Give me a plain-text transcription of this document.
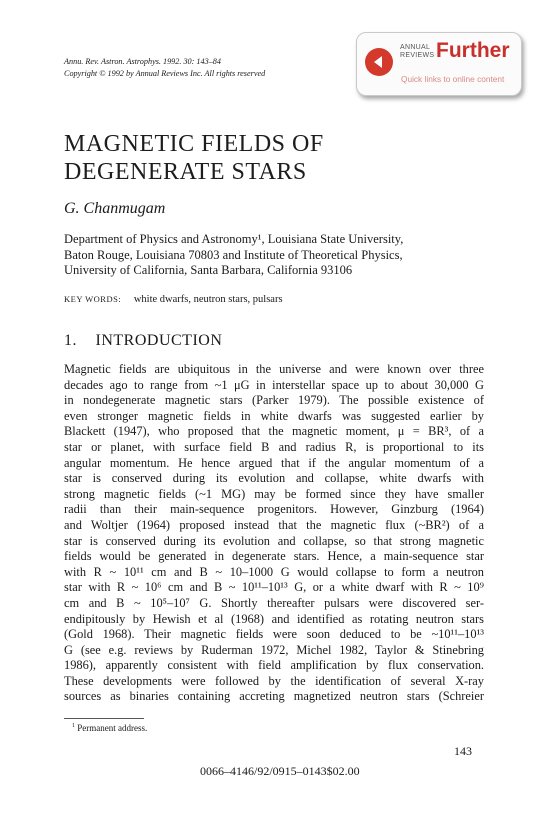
Annu. Rev. Astron. Astrophys. 1992. 30: 143–84
Copyright © 1992 by Annual Reviews Inc. All rights reserved
ANNUAL
REVIEWS Further
Quick links to online content
MAGNETIC FIELDS OF
DEGENERATE STARS
G. Chanmugam
Department of Physics and Astronomy¹, Louisiana State University,
Baton Rouge, Louisiana 70803 and Institute of Theoretical Physics,
University of California, Santa Barbara, California 93106
KEY WORDS: white dwarfs, neutron stars, pulsars
1. INTRODUCTION
Magnetic fields are ubiquitous in the universe and were known over three
decades ago to range from ~1 μG in interstellar space up to about 30,000 G
in nondegenerate magnetic stars (Parker 1979). The possible existence of
even stronger magnetic fields in white dwarfs was suggested earlier by
Blackett (1947), who proposed that the magnetic moment, μ = BR³, of a
star or planet, with surface field B and radius R, is proportional to its
angular momentum. He hence argued that if the angular momentum of a
star is conserved during its evolution and collapse, white dwarfs with
strong magnetic fields (~1 MG) may be formed since they have smaller
radii than their main-sequence progenitors. However, Ginzburg (1964)
and Woltjer (1964) proposed instead that the magnetic flux (~BR²) of a
star is conserved during its evolution and collapse, so that strong magnetic
fields would be generated in degenerate stars. Hence, a main-sequence star
with R ~ 10¹¹ cm and B ~ 10–1000 G would collapse to form a neutron
star with R ~ 10⁶ cm and B ~ 10¹¹–10¹³ G, or a white dwarf with R ~ 10⁹
cm and B ~ 10⁵–10⁷ G. Shortly thereafter pulsars were discovered ser-
endipitously by Hewish et al (1968) and identified as rotating neutron stars
(Gold 1968). Their magnetic fields were soon deduced to be ~10¹¹–10¹³
G (see e.g. reviews by Ruderman 1972, Michel 1982, Taylor & Stinebring
1986), apparently consistent with field amplification by flux conservation.
These developments were followed by the identification of several X-ray
sources as binaries containing accreting magnetized neutron stars (Schreier
$^1$ Permanent address.
143
0066–4146/92/0915–0143$02.00
